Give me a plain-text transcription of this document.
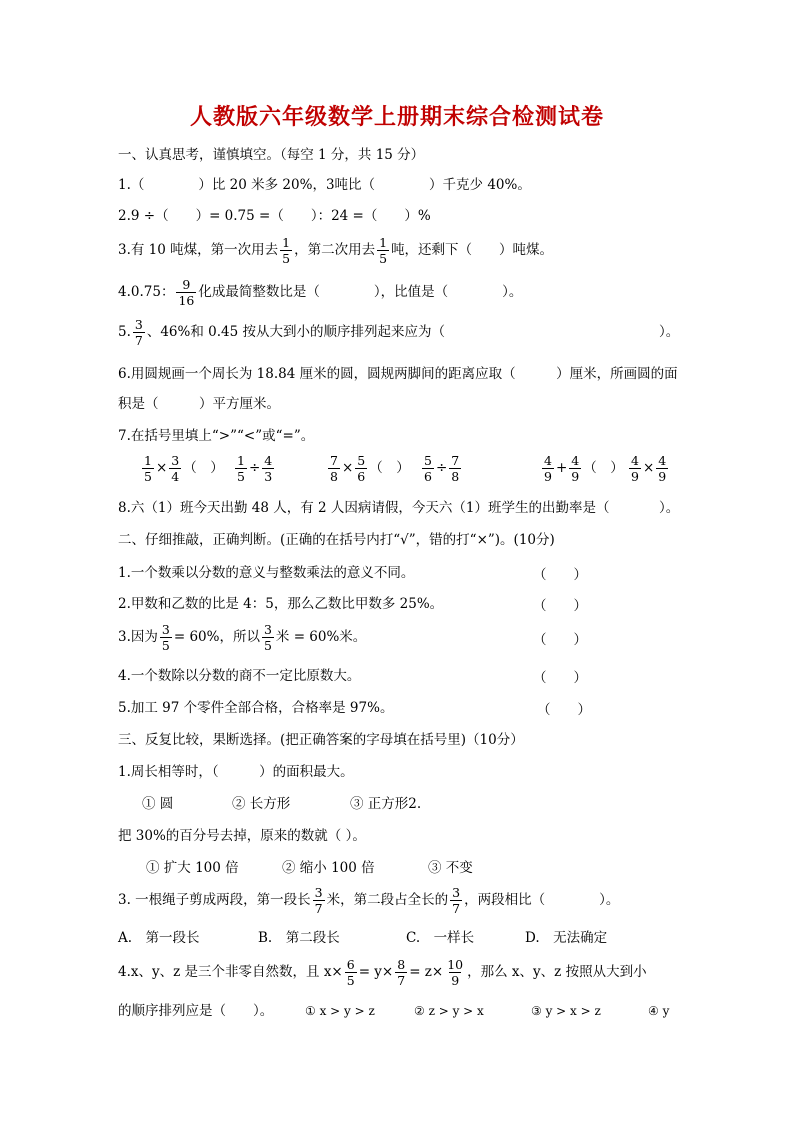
人教版六年级数学上册期末综合检测试卷
一、认真思考，谨慎填空。（每空 1 分，共 15 分）
1.（　　　　）比 20 米多 20%，3吨比（　　　　）千克少 40%。
2.9 ÷（　　）= 0.75 =（　　）：24 =（　　）%
3.有 10 吨煤，第一次用去 $\frac{1}{5}$ ，第二次用去 $\frac{1}{5}$ 吨，还剩下（　　）吨煤。
4.0.75： $\frac{9}{16}$ 化成最简整数比是（　　　　），比值是（　　　　）。
5. $\frac{3}{7}$ 、46%和 0.45 按从大到小的顺序排列起来应为（	）。
6.用圆规画一个周长为 18.84 厘米的圆，圆规两脚间的距离应取（　　　）厘米，所画圆的面
积是（　　　）平方厘米。
7.在括号里填上“>”“<”或“=”。
$\frac{1}{5} \times \frac{3}{4}$ （　） $\frac{1}{5} \div \frac{4}{3}$	$\frac{7}{8} \times \frac{5}{6}$ （　） $\frac{5}{6} \div \frac{7}{8}$	$\frac{4}{9} + \frac{4}{9}$ （　） $\frac{4}{9} \times \frac{4}{9}$
8.六（1）班今天出勤 48 人，有 2 人因病请假，今天六（1）班学生的出勤率是（	）。
二、仔细推敲，正确判断。(正确的在括号内打“√”，错的打“×”)。(10分)
1.一个数乘以分数的意义与整数乘法的意义不同。	（　　）
2.甲数和乙数的比是 4：5，那么乙数比甲数多 25%。	（　　）
3.因为 $\frac{3}{5} = 60\%$，所以 $\frac{3}{5}$ 米 = 60%米。	（　　）
4.一个数除以分数的商不一定比原数大。	（　　）
5.加工 97 个零件全部合格，合格率是 97%。	（　　）
三、反复比较，果断选择。(把正确答案的字母填在括号里)（10分）
1.周长相等时，（　　　）的面积最大。
① 圆	② 长方形	③ 正方形2.
把 30%的百分号去掉，原来的数就（ ）。
① 扩大 100 倍	② 缩小 100 倍	③ 不变
3. 一根绳子剪成两段，第一段长 $\frac{3}{7}$ 米，第二段占全长的 $\frac{3}{7}$ ，两段相比（　　　　）。
A.　第一段长	B.　第二段长	C.　一样长	D.　无法确定
4.x、y、z 是三个非零自然数，且 $x\times \frac{6}{5} = y\times \frac{8}{7} = z\times \frac{10}{9}$ ，那么 x、y、z 按照从大到小
的顺序排列应是（　　）。	① x > y > z	② z > y > x	③ y > x > z	④ y
